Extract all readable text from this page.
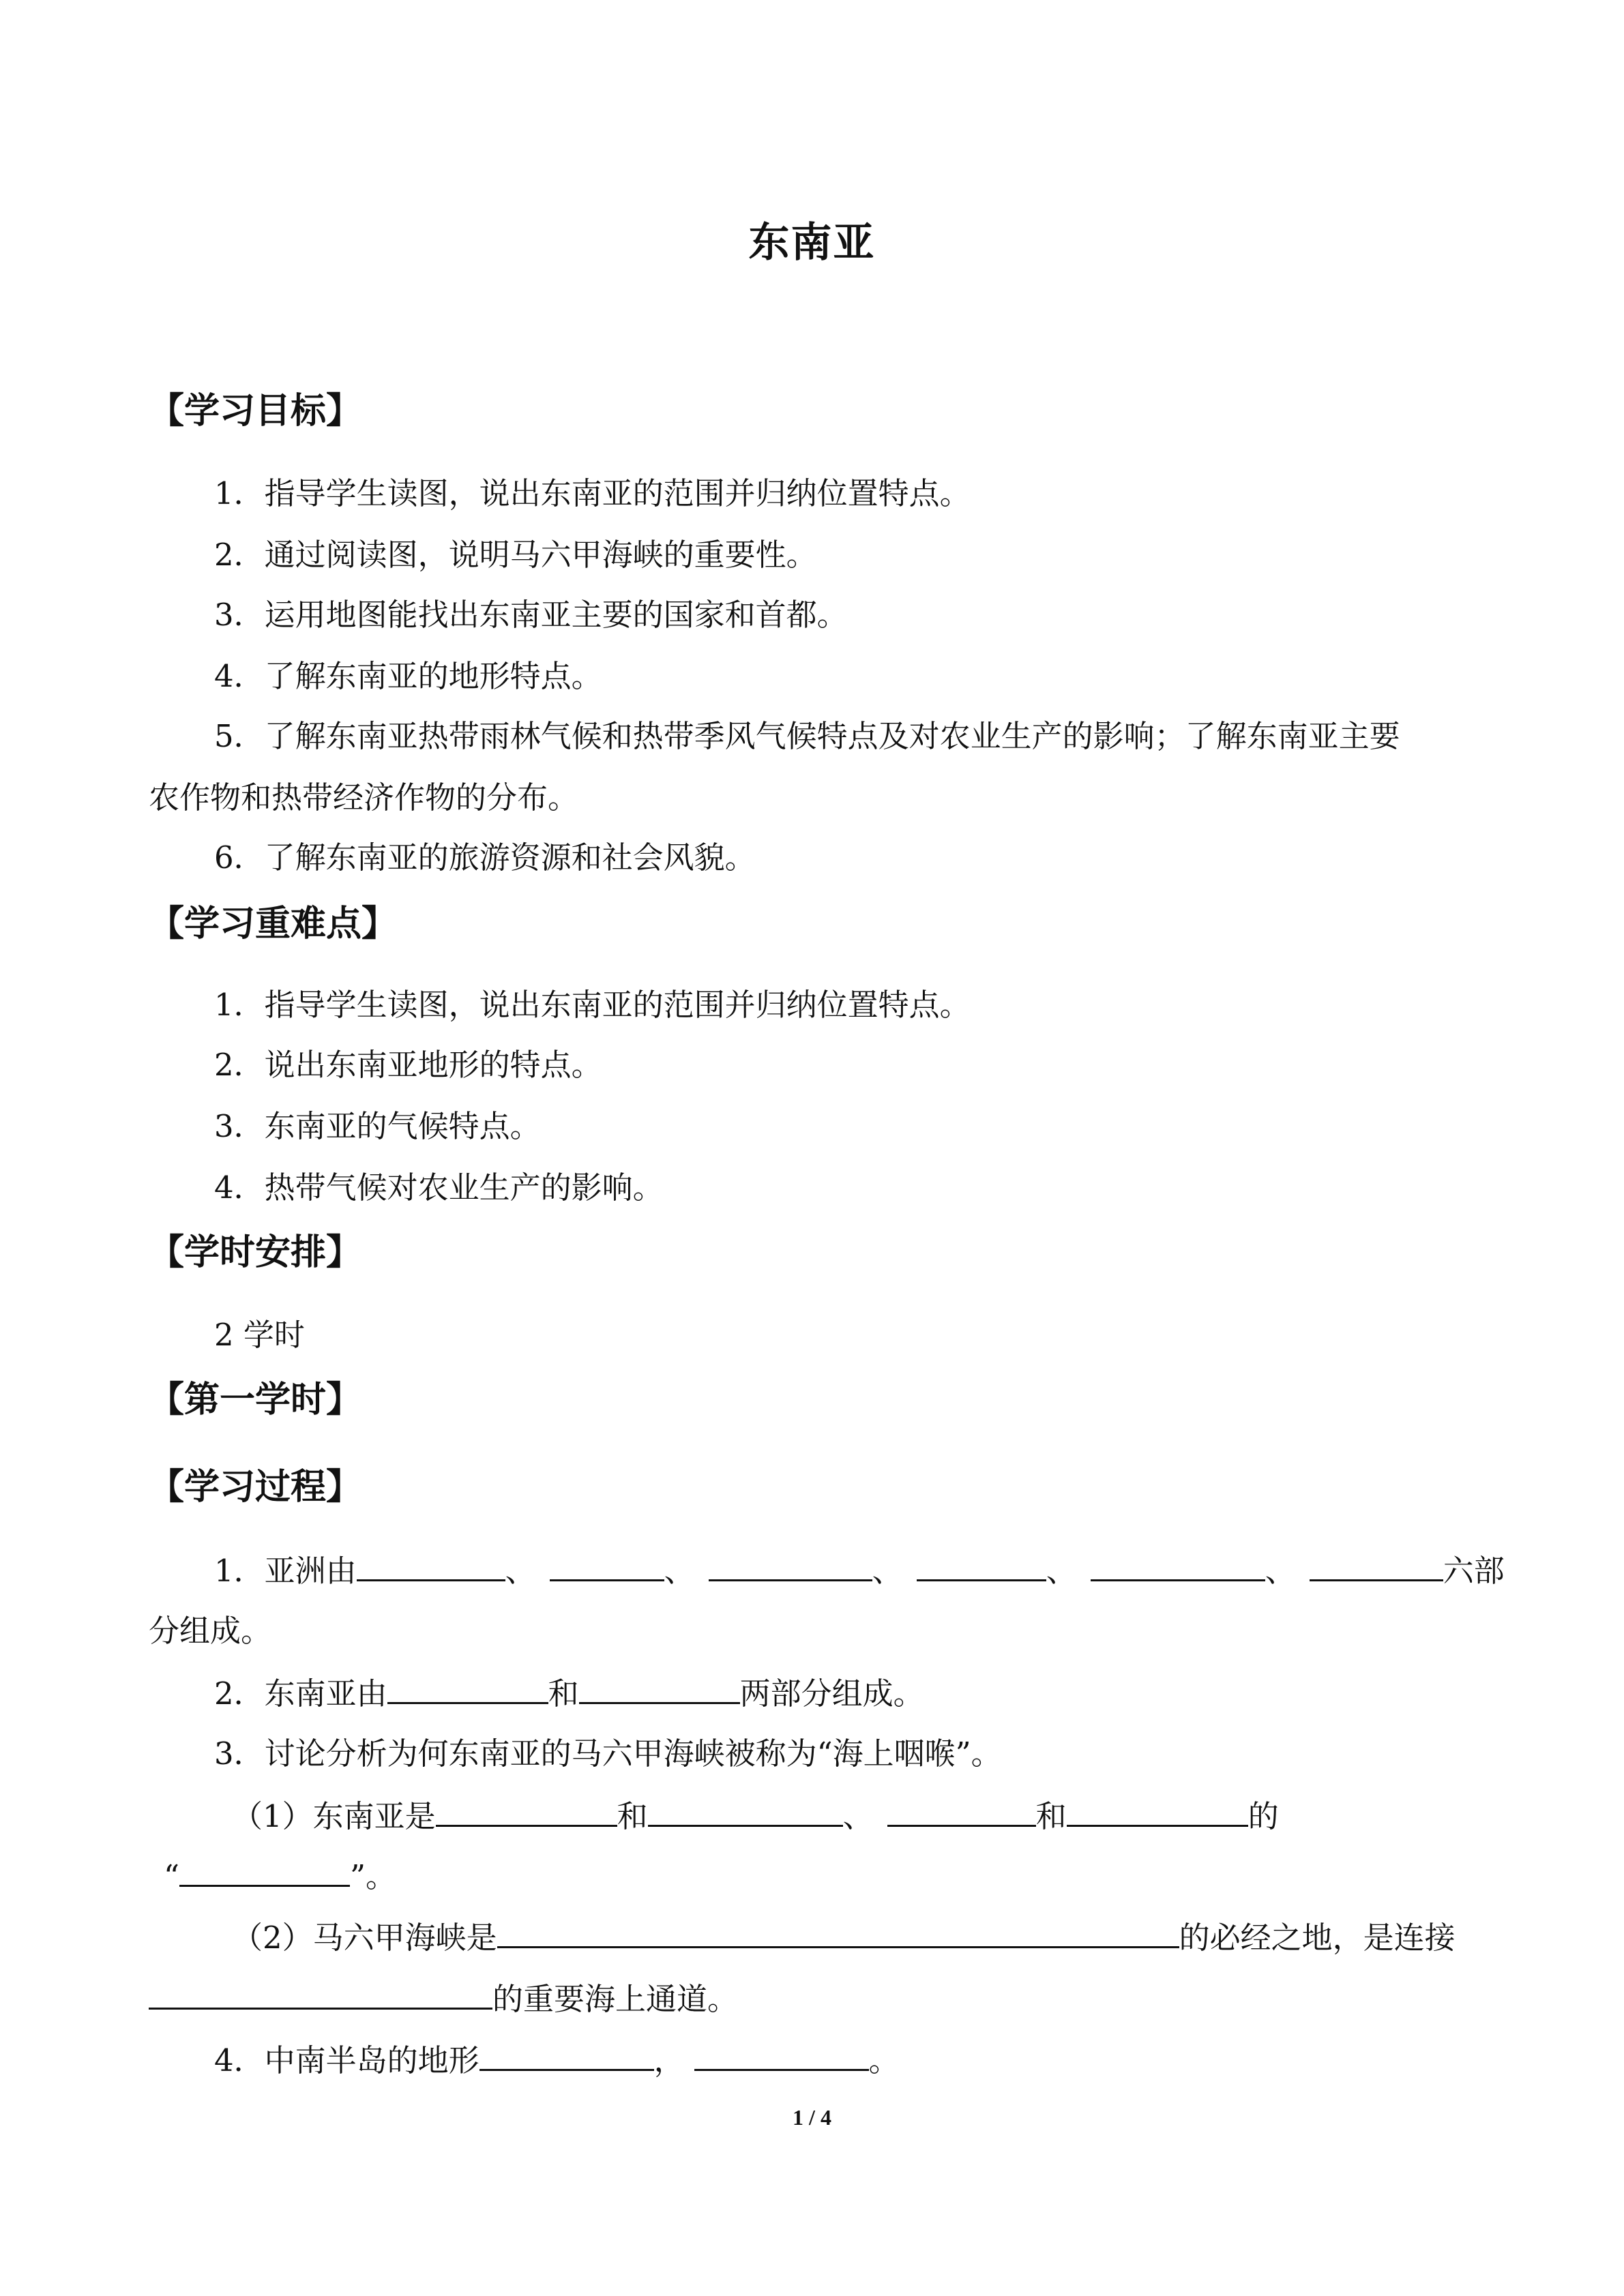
东南亚
【学习目标】
1．指导学生读图，说出东南亚的范围并归纳位置特点。
2．通过阅读图，说明马六甲海峡的重要性。
3．运用地图能找出东南亚主要的国家和首都。
4．了解东南亚的地形特点。
5．了解东南亚热带雨林气候和热带季风气候特点及对农业生产的影响；了解东南亚主要
农作物和热带经济作物的分布。
6．了解东南亚的旅游资源和社会风貌。
【学习重难点】
1．指导学生读图，说出东南亚的范围并归纳位置特点。
2．说出东南亚地形的特点。
3．东南亚的气候特点。
4．热带气候对农业生产的影响。
【学时安排】
2 学时
【第一学时】
【学习过程】
1．亚洲由	、	、	、	、	、	六部
分组成。
2．东南亚由	和	两部分组成。
3．讨论分析为何东南亚的马六甲海峡被称为“海上咽喉”。
（1）东南亚是	和	、	和	的
“	”。
（2）马六甲海峡是	的必经之地，是连接
的重要海上通道。
4．中南半岛的地形	，	。
1 / 4
